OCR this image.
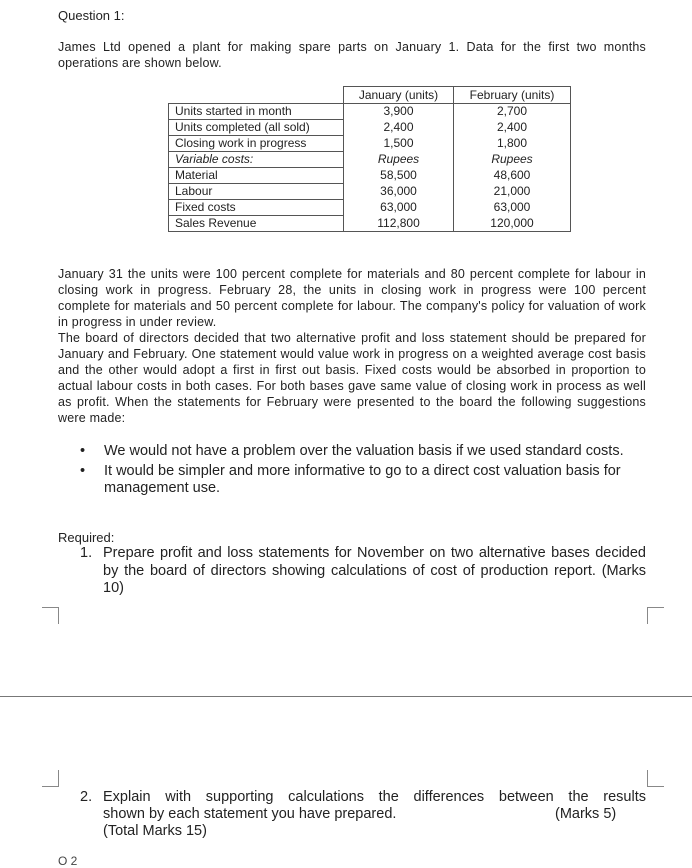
Question 1:
James Ltd opened a plant for making spare parts on January 1. Data for the first two months operations are shown below.
	January (units)	February (units)
Units started in month	3,900	2,700
Units completed (all sold)	2,400	2,400
Closing work in progress	1,500	1,800
Variable costs:	Rupees	Rupees
Material	58,500	48,600
Labour	36,000	21,000
Fixed costs	63,000	63,000
Sales Revenue	112,800	120,000

January 31 the units were 100 percent complete for materials and 80 percent complete for labour in closing work in progress. February 28, the units in closing work in progress were 100 percent complete for materials and 50 percent complete for labour. The company's policy for valuation of work in progress in under review.

The board of directors decided that two alternative profit and loss statement should be prepared for January and February. One statement would value work in progress on a weighted average cost basis and the other would adopt a first in first out basis. Fixed costs would be absorbed in proportion to actual labour costs in both cases. For both bases gave same value of closing work in process as well as profit. When the statements for February were presented to the board the following suggestions were made:

• We would not have a problem over the valuation basis if we used standard costs.
• It would be simpler and more informative to go to a direct cost valuation basis for management use.
Required:
1. Prepare profit and loss statements for November on two alternative bases decided by the board of directors showing calculations of cost of production report. (Marks 10)
2. Explain with supporting calculations the differences between the results
shown by each statement you have prepared.	(Marks 5)
(Total Marks 15)
O 2
